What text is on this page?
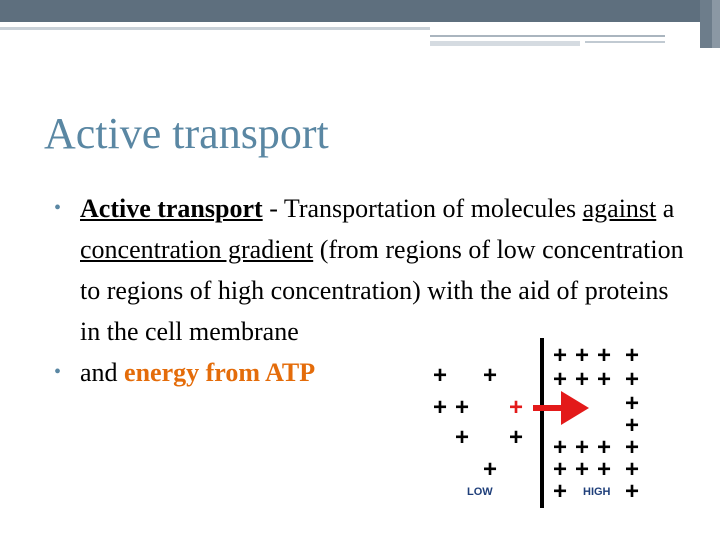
Active transport
• Active transport - Transportation of molecules against a concentration gradient (from regions of low concentration to regions of high concentration) with the aid of proteins in the cell membrane
• and energy from ATP	+ +
+ + +
+ +
+
+ + + +
+ + + +
+
+
+ + + +
+ + + +
+ +
LOW	HIGH
